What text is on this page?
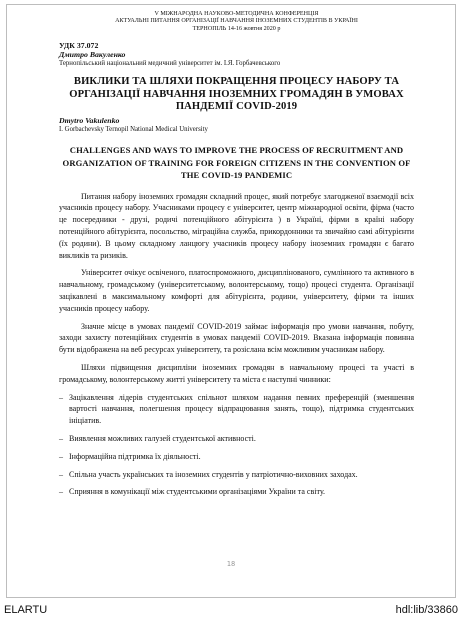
V МІЖНАРОДНА НАУКОВО-МЕТОДИЧНА КОНФЕРЕНЦІЯ
АКТУАЛЬНІ ПИТАННЯ ОРГАНІЗАЦІЇ НАВЧАННЯ ІНОЗЕМНИХ СТУДЕНТІВ В УКРАЇНІ
ТЕРНОПІЛЬ 14-16 жовтня 2020 р
УДК 37.072
Дмитро Вакуленко
Тернопільський національний медичний університет ім. І.Я. Горбачевського
ВИКЛИКИ ТА ШЛЯХИ ПОКРАЩЕННЯ ПРОЦЕСУ НАБОРУ ТА ОРГАНІЗАЦІЇ НАВЧАННЯ ІНОЗЕМНИХ ГРОМАДЯН В УМОВАХ ПАНДЕМІЇ COVID-2019
Dmytro Vakulenko
I. Gorbachevsky Ternopil National Medical University
CHALLENGES AND WAYS TO IMPROVE THE PROCESS OF RECRUITMENT AND ORGANIZATION OF TRAINING FOR FOREIGN CITIZENS IN THE CONVENTION OF THE COVID-19 PANDEMIC

Питання набору іноземних громадян складний процес, який потребує злагодженої взаємодії всіх учасників процесу набору. Учасниками процесу є університет, центр міжнародної освіти, фірма (часто це посередники - друзі, родичі потенційного абітурієнта ) в Україні, фірми в країні набору потенційного абітурієнта, посольство, міграційна служба, прикордонники та звичайно самі абітурієнти (їх родини). В цьому складному ланцюгу учасників процесу набору іноземних громадян є багато викликів та ризиків.

Університет очікує освіченого, платоспроможного, дисциплінованого, сумлінного та активного в навчальному, громадському (університетському, волонтерському, тощо) процесі студента. Організації зацікавлені в максимальному комфорті для абітурієнта, родини, університету, фірми та інших учасників процесу набору.

Значне місце в умовах пандемії COVID-2019 займає інформація про умови навчання, побуту, заходи захисту потенційних студентів в умовах пандемії COVID-2019. Вказана інформація повинна бути відображена на веб ресурсах університету, та розіслана всім можливим учасникам набору.

Шляхи підвищення дисципліни іноземних громадян в навчальному процесі та участі в громадському, волонтерському житті університету та міста є наступні чинники:

– Зацікавлення лідерів студентських спільнот шляхом надання певних преференцій (зменшення вартості навчання, полегшення процесу відпрацювання занять, тощо), підтримка студентських ініціатив.
– Виявлення можливих галузей студентської активності.
– Інформаційна підтримка їх діяльності.
– Спільна участь українських та іноземних студентів у патріотично-виховних заходах.
– Сприяння в комунікації між студентськими організаціями України та світу.
18
ELARTU	hdl:lib/33860
